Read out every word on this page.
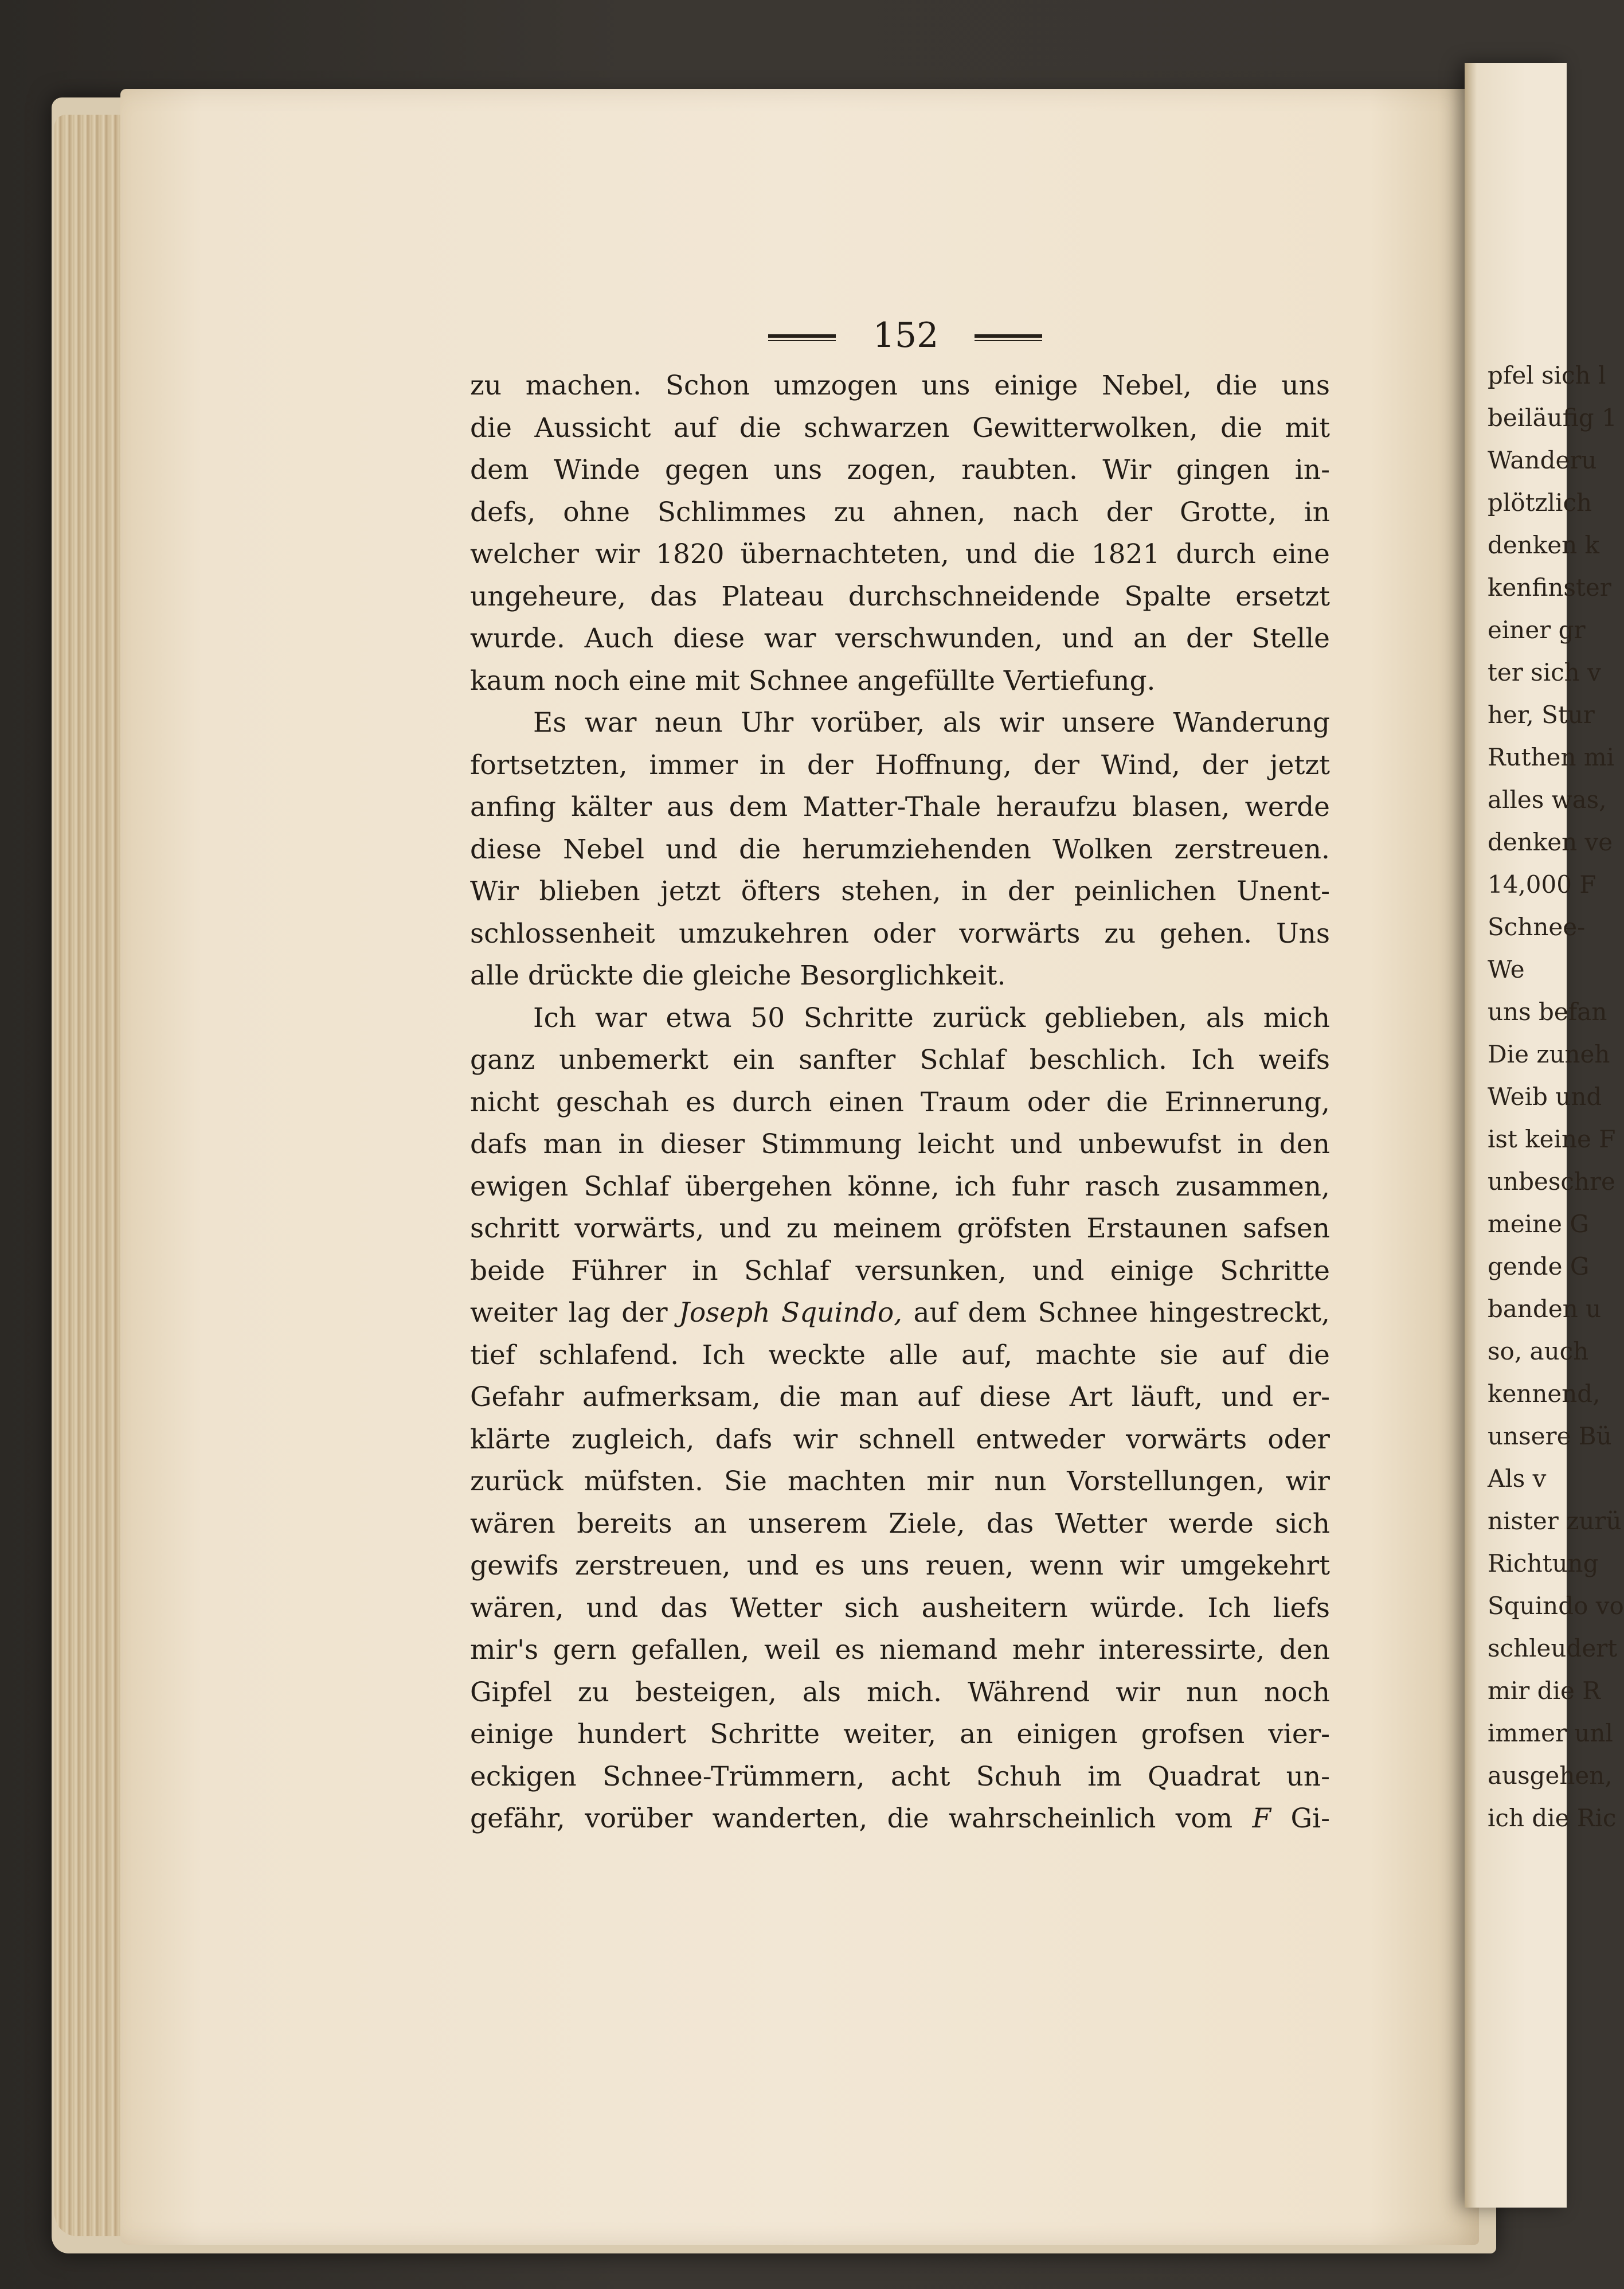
pfel sich l
beiläufig 1
Wanderu
plötzlich
denken k
kenfinster
einer gr
ter sich v
her, Stur
Ruthen mi
alles was,
denken ve
14,000 F
Schnee-
We
uns befan
Die zuneh
Weib und
ist keine F
unbeschre
meine G
gende G
banden u
so, auch
kennend,
unsere Bü
Als v
nister zurü
Richtung
Squindo vo
schleudert
mir die R
immer unl
ausgehen,
ich die Ric
152
zu machen. Schon umzogen uns einige Nebel, die uns
die Aussicht auf die schwarzen Gewitterwolken, die mit
dem Winde gegen uns zogen, raubten. Wir gingen in-
defs, ohne Schlimmes zu ahnen, nach der Grotte, in
welcher wir 1820 übernachteten, und die 1821 durch eine
ungeheure, das Plateau durchschneidende Spalte ersetzt
wurde. Auch diese war verschwunden, und an der Stelle
kaum noch eine mit Schnee angefüllte Vertiefung.
Es war neun Uhr vorüber, als wir unsere Wanderung
fortsetzten, immer in der Hoffnung, der Wind, der jetzt
anfing kälter aus dem Matter-Thale heraufzu blasen, werde
diese Nebel und die herumziehenden Wolken zerstreuen.
Wir blieben jetzt öfters stehen, in der peinlichen Unent-
schlossenheit umzukehren oder vorwärts zu gehen. Uns
alle drückte die gleiche Besorglichkeit.
Ich war etwa 50 Schritte zurück geblieben, als mich
ganz unbemerkt ein sanfter Schlaf beschlich. Ich weifs
nicht geschah es durch einen Traum oder die Erinnerung,
dafs man in dieser Stimmung leicht und unbewufst in den
ewigen Schlaf übergehen könne, ich fuhr rasch zusammen,
schritt vorwärts, und zu meinem gröfsten Erstaunen safsen
beide Führer in Schlaf versunken, und einige Schritte
weiter lag der Joseph Squindo, auf dem Schnee hingestreckt,
tief schlafend. Ich weckte alle auf, machte sie auf die
Gefahr aufmerksam, die man auf diese Art läuft, und er-
klärte zugleich, dafs wir schnell entweder vorwärts oder
zurück müfsten. Sie machten mir nun Vorstellungen, wir
wären bereits an unserem Ziele, das Wetter werde sich
gewifs zerstreuen, und es uns reuen, wenn wir umgekehrt
wären, und das Wetter sich ausheitern würde. Ich liefs
mir's gern gefallen, weil es niemand mehr interessirte, den
Gipfel zu besteigen, als mich. Während wir nun noch
einige hundert Schritte weiter, an einigen grofsen vier-
eckigen Schnee-Trümmern, acht Schuh im Quadrat un-
gefähr, vorüber wanderten, die wahrscheinlich vom F Gi-
